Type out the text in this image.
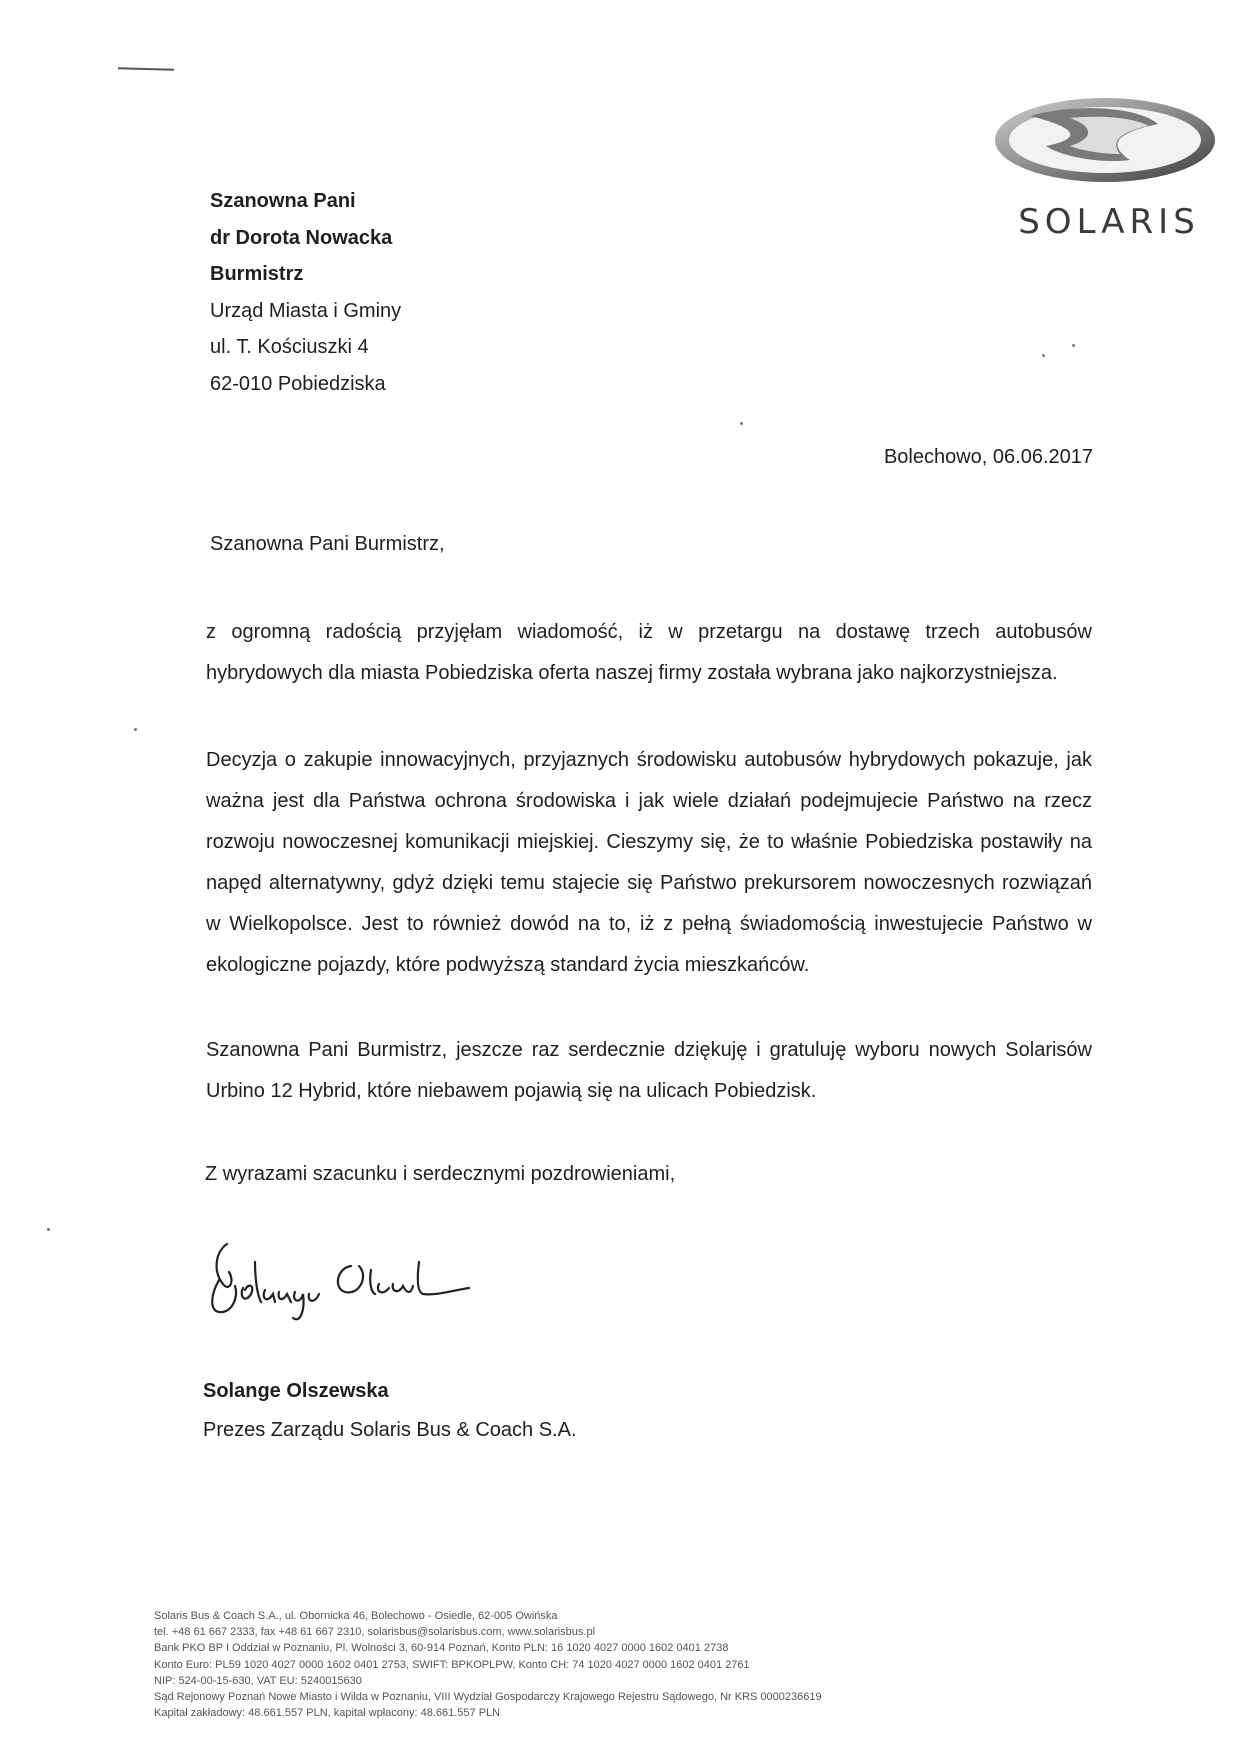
SOLARIS
Szanowna Pani
dr Dorota Nowacka
Burmistrz
Urząd Miasta i Gminy
ul. T. Kościuszki 4
62-010 Pobiedziska
Bolechowo, 06.06.2017
Szanowna Pani Burmistrz,
z ogromną radością przyjęłam wiadomość, iż w przetargu na dostawę trzech autobusów hybrydowych dla miasta Pobiedziska oferta naszej firmy została wybrana jako najkorzystniejsza.
Decyzja o zakupie innowacyjnych, przyjaznych środowisku autobusów hybrydowych pokazuje, jak ważna jest dla Państwa ochrona środowiska i jak wiele działań podejmujecie Państwo na rzecz rozwoju nowoczesnej komunikacji miejskiej. Cieszymy się, że to właśnie Pobiedziska postawiły na napęd alternatywny, gdyż dzięki temu stajecie się Państwo prekursorem nowoczesnych rozwiązań w Wielkopolsce. Jest to również dowód na to, iż z pełną świadomością inwestujecie Państwo w ekologiczne pojazdy, które podwyższą standard życia mieszkańców.
Szanowna Pani Burmistrz, jeszcze raz serdecznie dziękuję i gratuluję wyboru nowych Solarisów Urbino 12 Hybrid, które niebawem pojawią się na ulicach Pobiedzisk.
Z wyrazami szacunku i serdecznymi pozdrowieniami,
Solange Olszewska
Prezes Zarządu Solaris Bus & Coach S.A.
Solaris Bus & Coach S.A., ul. Obornicka 46, Bolechowo - Osiedle, 62-005 Owińska
tel. +48 61 667 2333, fax +48 61 667 2310, solarisbus@solarisbus.com, www.solarisbus.pl
Bank PKO BP I Oddział w Poznaniu, Pl. Wolności 3, 60-914 Poznań, Konto PLN: 16 1020 4027 0000 1602 0401 2738
Konto Euro: PL59 1020 4027 0000 1602 0401 2753, SWIFT: BPKOPLPW, Konto CH: 74 1020 4027 0000 1602 0401 2761
NIP: 524-00-15-630, VAT EU: 5240015630
Sąd Rejonowy Poznań Nowe Miasto i Wilda w Poznaniu, VIII Wydział Gospodarczy Krajowego Rejestru Sądowego, Nr KRS 0000236619
Kapitał zakładowy: 48.661.557 PLN, kapitał wpłacony: 48.661.557 PLN
